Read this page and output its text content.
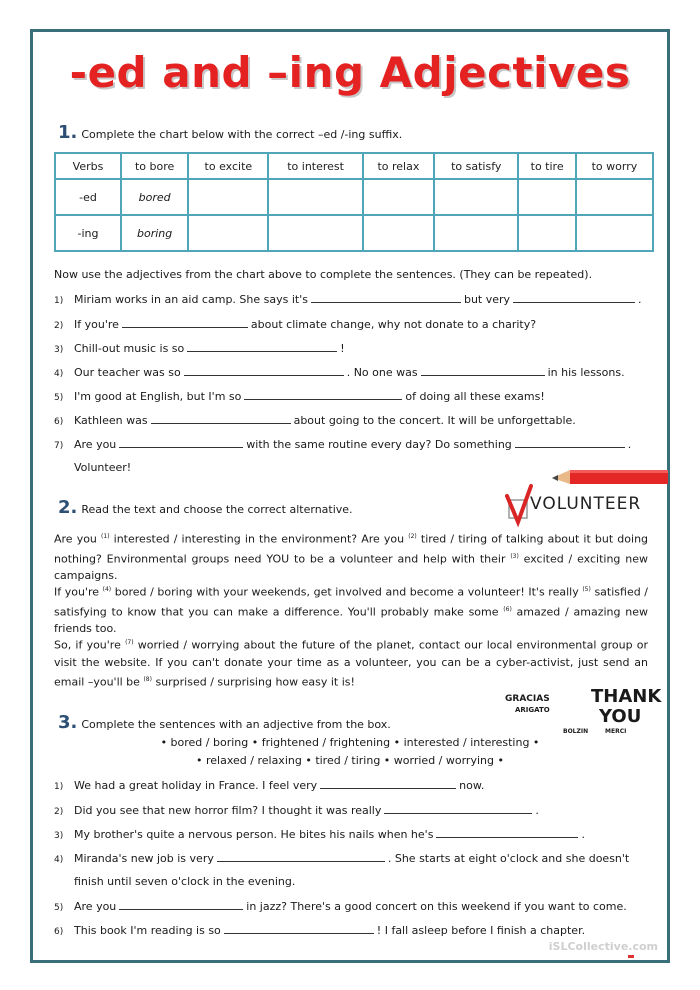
-ed and –ing Adjectives
1. Complete the chart below with the correct –ed /-ing suffix.
Verbs	to bore	to excite	to interest	to relax	to satisfy	to tire	to worry
-ed	bored						
-ing	boring						
Now use the adjectives from the chart above to complete the sentences. (They can be repeated).
1) Miriam works in an aid camp. She says it's	but very	.
2) If you're	about climate change, why not donate to a charity?
3) Chill-out music is so	!
4) Our teacher was so	. No one was	in his lessons.
5) I'm good at English, but I'm so	of doing all these exams!
6) Kathleen was	about going to the concert. It will be unforgettable.
7) Are you	with the same routine every day? Do something	.
Volunteer!
2. Read the text and choose the correct alternative.	VOLUNTEER
Are you $^{(1)}$ interested / interesting in the environment? Are you $^{(2)}$ tired / tiring of talking about it but doing nothing? Environmental groups need YOU to be a volunteer and help with their $^{(3)}$ excited / exciting new campaigns.
If you're $^{(4)}$ bored / boring with your weekends, get involved and become a volunteer! It's really $^{(5)}$ satisfied / satisfying to know that you can make a difference. You'll probably make some $^{(6)}$ amazed / amazing new friends too.
So, if you're $^{(7)}$ worried / worrying about the future of the planet, contact our local environmental group or visit the website. If you can't donate your time as a volunteer, you can be a cyber-activist, just send an email –you'll be $^{(8)}$ surprised / surprising how easy it is!
GRACIAS THANK
YOU
ARIGATO
BOLZIN	MERCI
3. Complete the sentences with an adjective from the box.
• bored / boring • frightened / frightening • interested / interesting •
• relaxed / relaxing • tired / tiring • worried / worrying •
1) We had a great holiday in France. I feel very	now.
2) Did you see that new horror film? I thought it was really	.
3) My brother's quite a nervous person. He bites his nails when he's	.
4) Miranda's new job is very	. She starts at eight o'clock and she doesn't
finish until seven o'clock in the evening.
5) Are you	in jazz? There's a good concert on this weekend if you want to come.
6) This book I'm reading is so	! I fall asleep before I finish a chapter.
iSLCollective.com
